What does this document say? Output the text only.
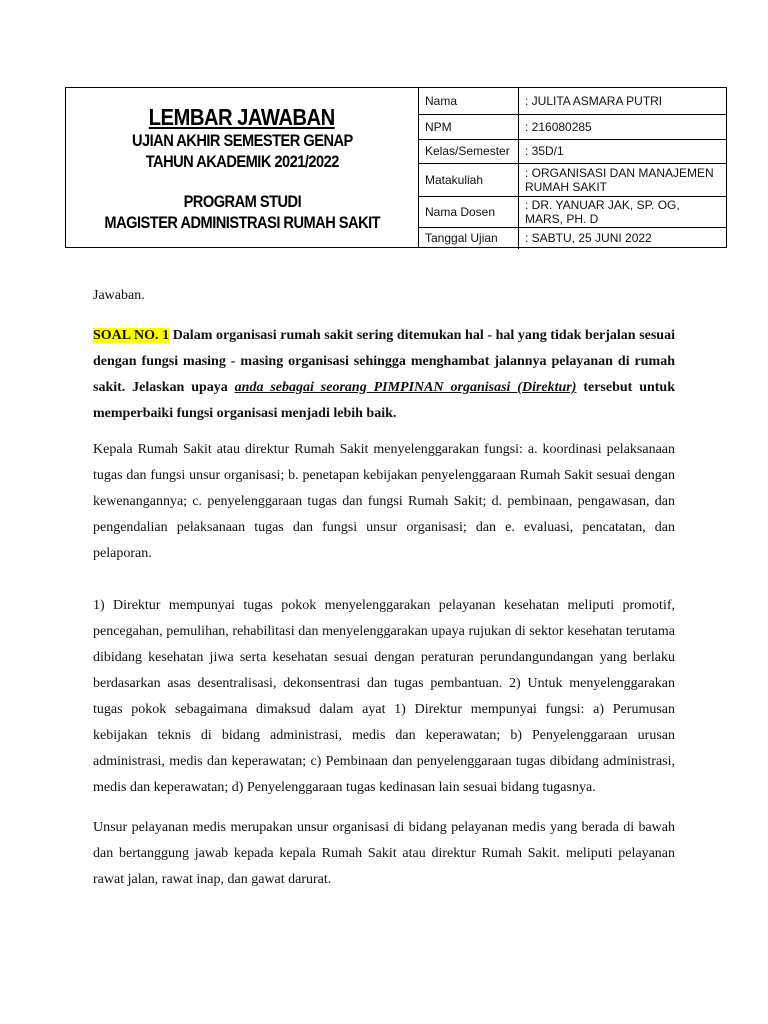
LEMBAR JAWABAN
UJIAN AKHIR SEMESTER GENAP
TAHUN AKADEMIK 2021/2022
PROGRAM STUDI
MAGISTER ADMINISTRASI RUMAH SAKIT
Nama	: JULITA ASMARA PUTRI
NPM	: 216080285
Kelas/Semester	: 35D/1
Matakuliah	: ORGANISASI DAN MANAJEMEN RUMAH SAKIT
Nama Dosen	: DR. YANUAR JAK, SP. OG, MARS, PH. D
Tanggal Ujian	: SABTU, 25 JUNI 2022

Jawaban.

SOAL NO. 1 Dalam organisasi rumah sakit sering ditemukan hal - hal yang tidak berjalan sesuai dengan fungsi masing - masing organisasi sehingga menghambat jalannya pelayanan di rumah sakit. Jelaskan upaya anda sebagai seorang PIMPINAN organisasi (Direktur) tersebut untuk memperbaiki fungsi organisasi menjadi lebih baik.

Kepala Rumah Sakit atau direktur Rumah Sakit menyelenggarakan fungsi: a. koordinasi pelaksanaan tugas dan fungsi unsur organisasi; b. penetapan kebijakan penyelenggaraan Rumah Sakit sesuai dengan kewenangannya; c. penyelenggaraan tugas dan fungsi Rumah Sakit; d. pembinaan, pengawasan, dan pengendalian pelaksanaan tugas dan fungsi unsur organisasi; dan e. evaluasi, pencatatan, dan pelaporan.

1) Direktur mempunyai tugas pokok menyelenggarakan pelayanan kesehatan meliputi promotif, pencegahan, pemulihan, rehabilitasi dan menyelenggarakan upaya rujukan di sektor kesehatan terutama dibidang kesehatan jiwa serta kesehatan sesuai dengan peraturan perundangundangan yang berlaku berdasarkan asas desentralisasi, dekonsentrasi dan tugas pembantuan. 2) Untuk menyelenggarakan tugas pokok sebagaimana dimaksud dalam ayat 1) Direktur mempunyai fungsi: a) Perumusan kebijakan teknis di bidang administrasi, medis dan keperawatan; b) Penyelenggaraan urusan administrasi, medis dan keperawatan; c) Pembinaan dan penyelenggaraan tugas dibidang administrasi, medis dan keperawatan; d) Penyelenggaraan tugas kedinasan lain sesuai bidang tugasnya.

Unsur pelayanan medis merupakan unsur organisasi di bidang pelayanan medis yang berada di bawah dan bertanggung jawab kepada kepala Rumah Sakit atau direktur Rumah Sakit. meliputi pelayanan rawat jalan, rawat inap, dan gawat darurat.
